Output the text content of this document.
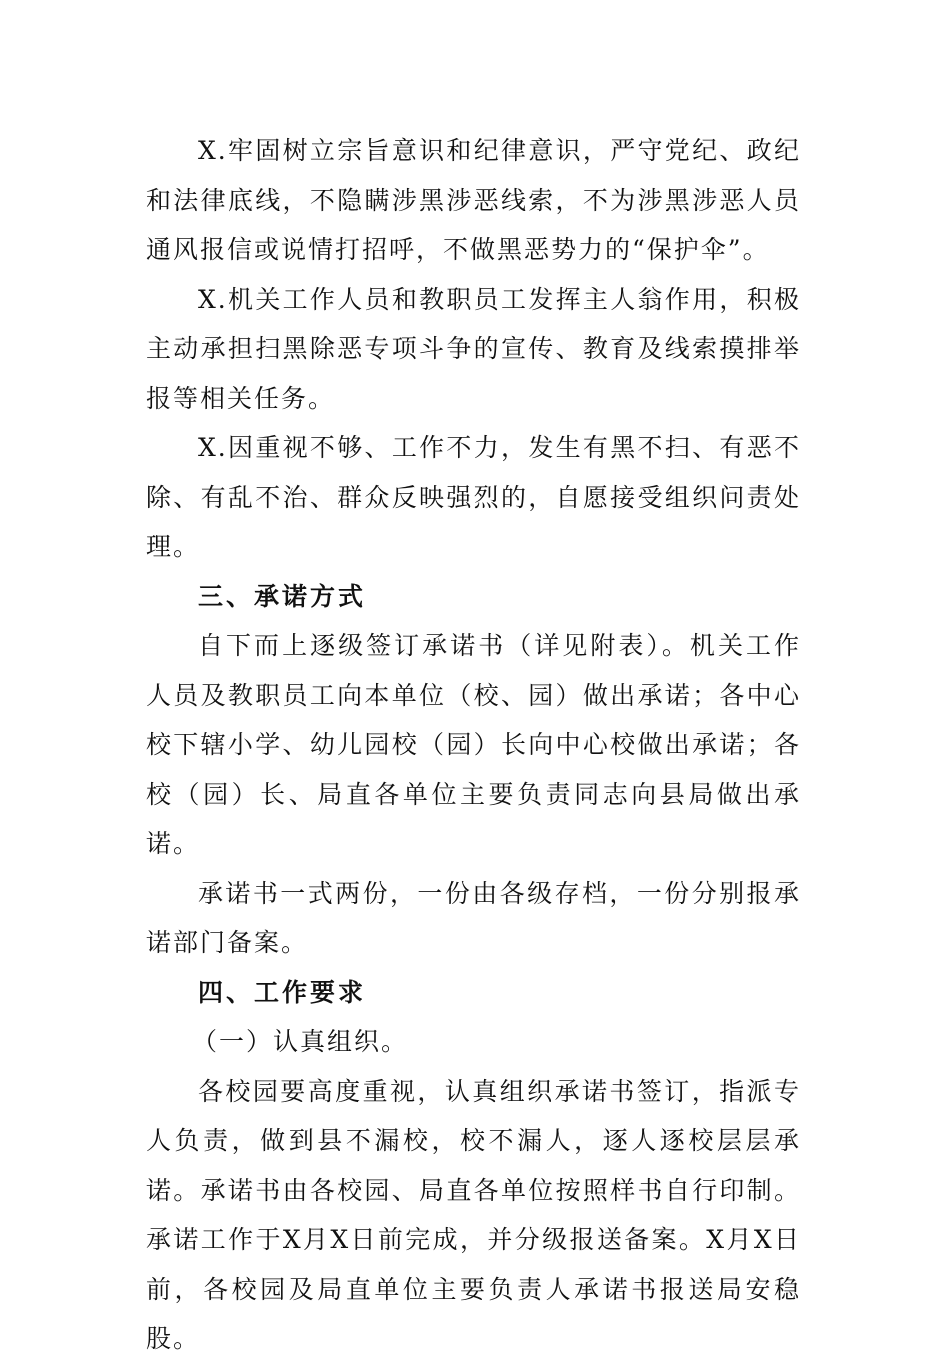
X.牢固树立宗旨意识和纪律意识，严守党纪、政纪和法律底线，不隐瞒涉黑涉恶线索，不为涉黑涉恶人员通风报信或说情打招呼，不做黑恶势力的“保护伞”。

X.机关工作人员和教职员工发挥主人翁作用，积极主动承担扫黑除恶专项斗争的宣传、教育及线索摸排举报等相关任务。

X.因重视不够、工作不力，发生有黑不扫、有恶不除、有乱不治、群众反映强烈的，自愿接受组织问责处理。

三、承诺方式

自下而上逐级签订承诺书（详见附表）。机关工作人员及教职员工向本单位（校、园）做出承诺；各中心校下辖小学、幼儿园校（园）长向中心校做出承诺；各校（园）长、局直各单位主要负责同志向县局做出承诺。

承诺书一式两份，一份由各级存档，一份分别报承诺部门备案。

四、工作要求

（一）认真组织。

各校园要高度重视，认真组织承诺书签订，指派专人负责，做到县不漏校，校不漏人，逐人逐校层层承诺。承诺书由各校园、局直各单位按照样书自行印制。承诺工作于X月X日前完成，并分级报送备案。X月X日前，各校园及局直单位主要负责人承诺书报送局安稳股。
